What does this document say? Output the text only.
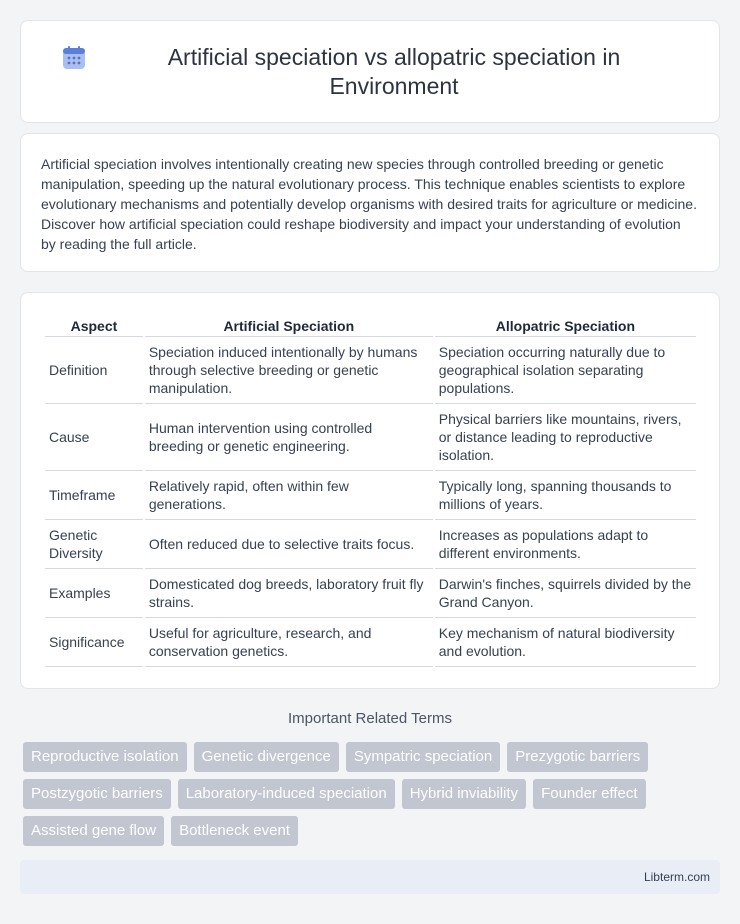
Artificial speciation vs allopatric speciation in Environment

Artificial speciation involves intentionally creating new species through controlled breeding or genetic manipulation, speeding up the natural evolutionary process. This technique enables scientists to explore evolutionary mechanisms and potentially develop organisms with desired traits for agriculture or medicine. Discover how artificial speciation could reshape biodiversity and impact your understanding of evolution by reading the full article.

Aspect	Artificial Speciation	Allopatric Speciation
Definition	Speciation induced intentionally by humans through selective breeding or genetic manipulation.	Speciation occurring naturally due to geographical isolation separating populations.
Cause	Human intervention using controlled breeding or genetic engineering.	Physical barriers like mountains, rivers, or distance leading to reproductive isolation.
Timeframe	Relatively rapid, often within few generations.	Typically long, spanning thousands to millions of years.
Genetic Diversity	Often reduced due to selective traits focus.	Increases as populations adapt to different environments.
Examples	Domesticated dog breeds, laboratory fruit fly strains.	Darwin's finches, squirrels divided by the Grand Canyon.
Significance	Useful for agriculture, research, and conservation genetics.	Key mechanism of natural biodiversity and evolution.
Important Related Terms
Reproductive isolation	Genetic divergence	Sympatric speciation	Prezygotic barriers
Postzygotic barriers	Laboratory-induced speciation	Hybrid inviability	Founder effect
Assisted gene flow	Bottleneck event
Libterm.com
